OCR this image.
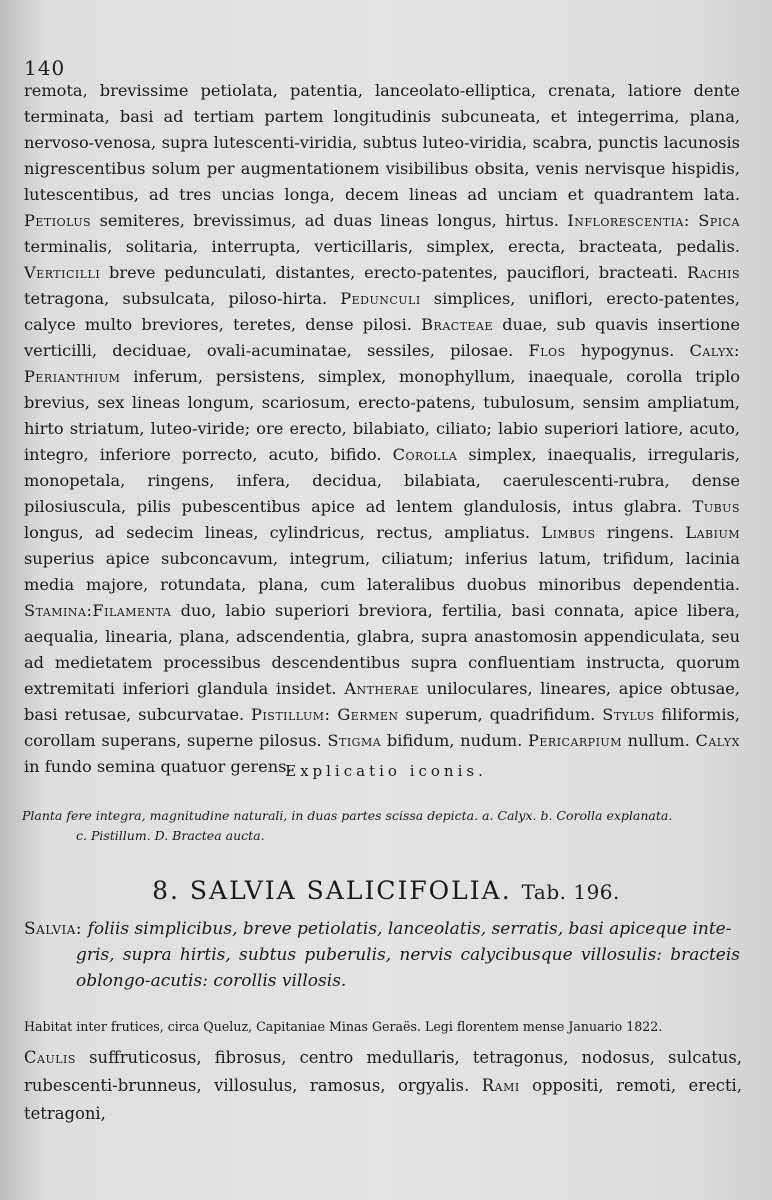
140

remota, brevissime petiolata, patentia, lanceolato-elliptica, crenata, latiore dente terminata, basi ad tertiam partem longitudinis subcuneata, et integerrima, plana, nervoso-venosa, supra lutescenti-viridia, subtus luteo-viridia, scabra, punctis lacunosis nigrescentibus solum per augmentationem visibilibus obsita, venis nervisque hispidis, lutescentibus, ad tres uncias longa, decem lineas ad unciam et quadrantem lata. Petiolus semiteres, brevissimus, ad duas lineas longus, hirtus. Inflorescentia: Spica terminalis, solitaria, interrupta, verticillaris, simplex, erecta, bracteata, pedalis. Verticilli breve pedunculati, distantes, erecto-patentes, pauciflori, bracteati. Rachis tetragona, subsulcata, piloso-hirta. Pedunculi simplices, uniflori, erecto-patentes, calyce multo breviores, teretes, dense pilosi. Bracteae duae, sub quavis insertione verticilli, deciduae, ovali-acuminatae, sessiles, pilosae. Flos hypogynus. Calyx: Perianthium inferum, persistens, simplex, monophyllum, inaequale, corolla triplo brevius, sex lineas longum, scariosum, erecto-patens, tubulosum, sensim ampliatum, hirto striatum, luteo-viride; ore erecto, bilabiato, ciliato; labio superiori latiore, acuto, integro, inferiore porrecto, acuto, bifido. Corolla simplex, inaequalis, irregularis, monopetala, ringens, infera, decidua, bilabiata, caerulescenti-rubra, dense pilosiuscula, pilis pubescentibus apice ad lentem glandulosis, intus glabra. Tubus longus, ad sedecim lineas, cylindricus, rectus, ampliatus. Limbus ringens. Labium superius apice subconcavum, integrum, ciliatum; inferius latum, trifidum, lacinia media majore, rotundata, plana, cum lateralibus duobus minoribus dependentia. Stamina:Filamenta duo, labio superiori breviora, fertilia, basi connata, apice libera, aequalia, linearia, plana, adscendentia, glabra, supra anastomosin appendiculata, seu ad medietatem processibus descendentibus supra confluentiam instructa, quorum extremitati inferiori glandula insidet. Antherae uniloculares, lineares, apice obtusae, basi retusae, subcurvatae. Pistillum: Germen superum, quadrifidum. Stylus filiformis, corollam superans, superne pilosus. Stigma bifidum, nudum. Pericarpium nullum. Calyx in fundo semina quatuor gerens.

Explicatio iconis.
Planta fere integra, magnitudine naturali, in duas partes scissa depicta. a. Calyx. b. Corolla explanata.
c. Pistillum. D. Bractea aucta.
8. SALVIA SALICIFOLIA. Tab. 196.
Salvia: foliis simplicibus, breve petiolatis, lanceolatis, serratis, basi apiceque inte-
gris, supra hirtis, subtus puberulis, nervis calycibusque villosulis: bracteis oblongo-acutis: corollis villosis.
Habitat inter frutices, circa Queluz, Capitaniae Minas Geraës. Legi florentem mense Januario 1822.
Caulis suffruticosus, fibrosus, centro medullaris, tetragonus, nodosus, sulcatus, rubescenti-brunneus, villosulus, ramosus, orgyalis. Rami oppositi, remoti, erecti, tetragoni,
